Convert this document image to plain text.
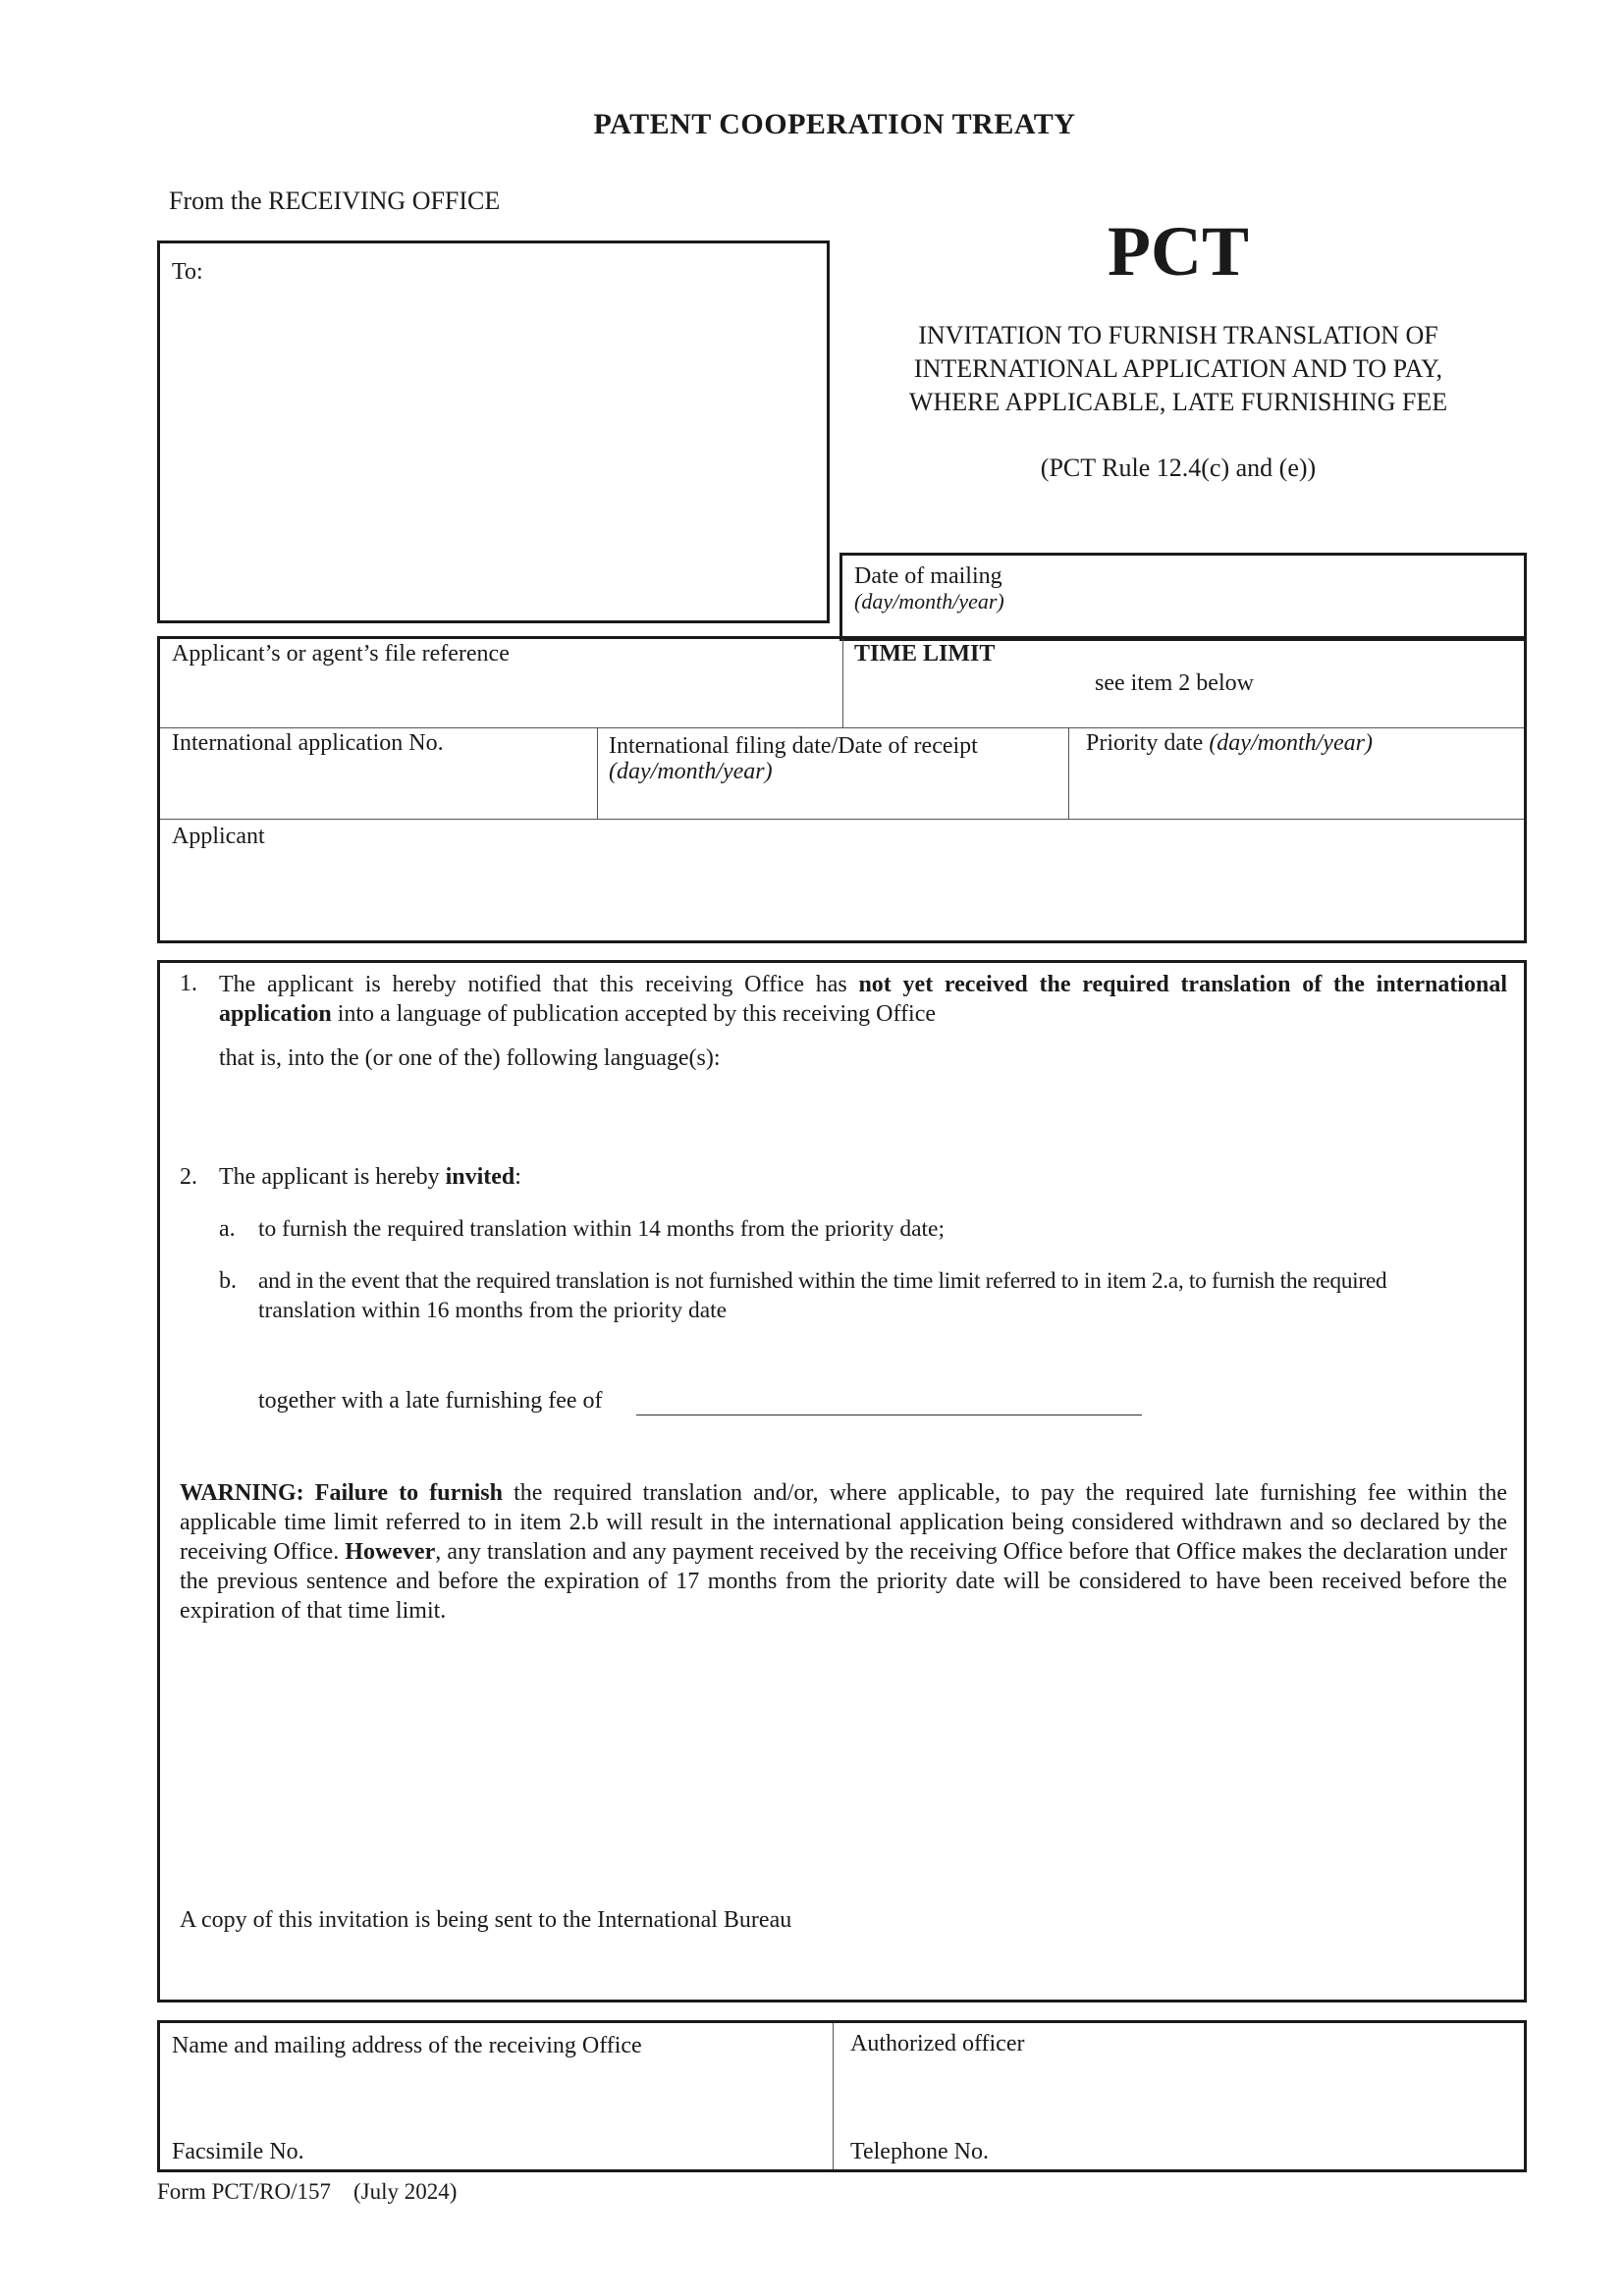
PATENT COOPERATION TREATY
From the RECEIVING OFFICE
To:	PCT
INVITATION TO FURNISH TRANSLATION OF
INTERNATIONAL APPLICATION AND TO PAY,
WHERE APPLICABLE, LATE FURNISHING FEE
(PCT Rule 12.4(c) and (e))
Date of mailing
(day/month/year)
Applicant’s or agent’s file reference	TIME LIMIT
see item 2 below
International application No.	International filing date/Date of receipt
(day/month/year)
Priority date (day/month/year)
Applicant
1. The applicant is hereby notified that this receiving Office has not yet received the required translation of the international application into a language of publication accepted by this receiving Office
that is, into the (or one of the) following language(s):
2. The applicant is hereby invited:
a. to furnish the required translation within 14 months from the priority date;
b. and in the event that the required translation is not furnished within the time limit referred to in item 2.a, to furnish the required
translation within 16 months from the priority date
together with a late furnishing fee of
WARNING: Failure to furnish the required translation and/or, where applicable, to pay the required late furnishing fee within the applicable time limit referred to in item 2.b will result in the international application being considered withdrawn and so declared by the receiving Office. However, any translation and any payment received by the receiving Office before that Office makes the declaration under the previous sentence and before the expiration of 17 months from the priority date will be considered to have been received before the expiration of that time limit.
A copy of this invitation is being sent to the International Bureau
Name and mailing address of the receiving Office
Facsimile No.
Authorized officer
Telephone No.
Form PCT/RO/157    (July 2024)
